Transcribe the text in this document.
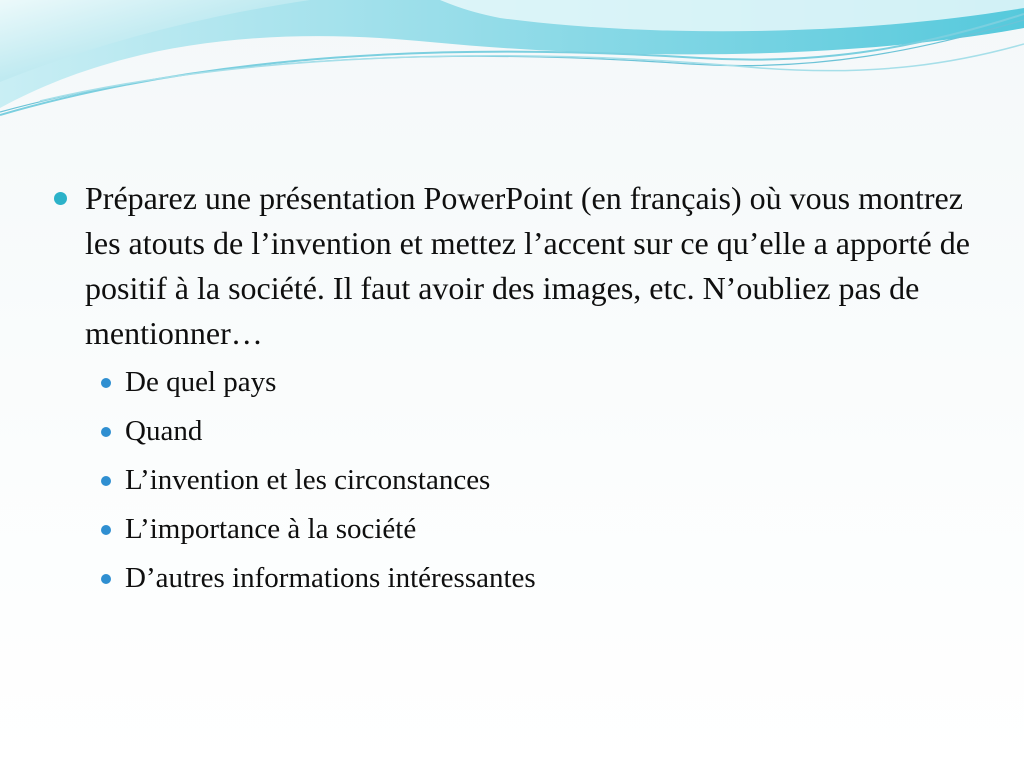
Préparez une présentation PowerPoint (en français) où vous montrez les atouts de l’invention et mettez l’accent sur ce qu’elle a apporté de positif à la société. Il faut avoir des images, etc. N’oubliez pas de mentionner…

De quel pays
Quand
L’invention et les circonstances
L’importance à la société
D’autres informations intéressantes
